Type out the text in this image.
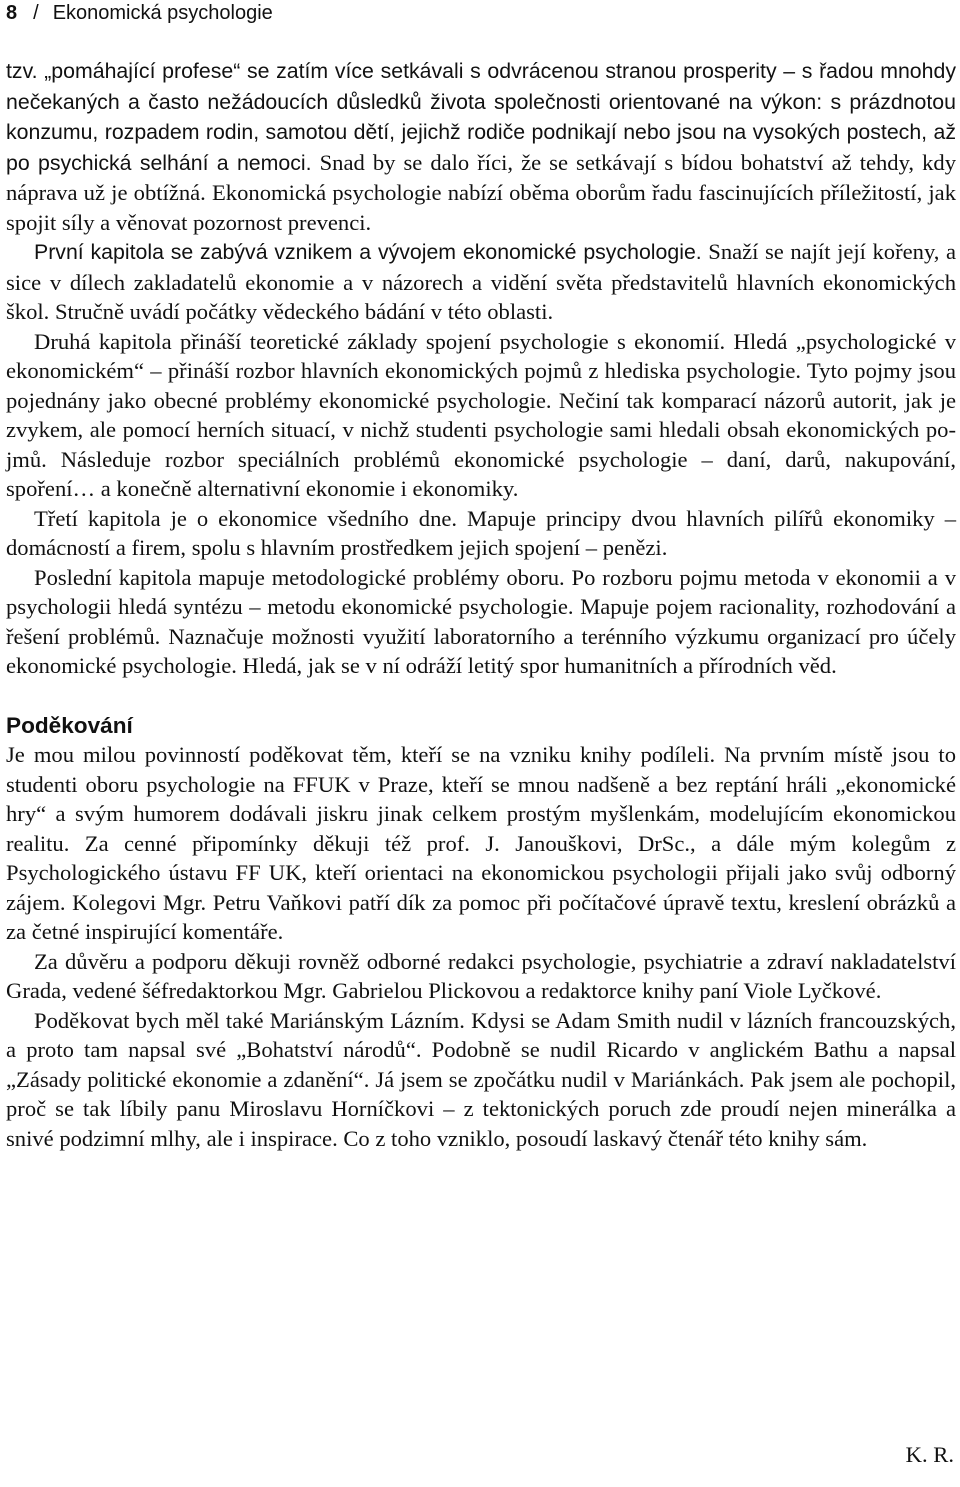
8 / Ekonomická psychologie

tzv. „pomáhající profese“ se zatím více setkávali s odvrácenou stranou prosperity – s řadou mnohdy nečekaných a často nežádoucích důsledků života společnosti orientované na výkon: s prázdnotou konzumu, rozpadem rodin, samotou dětí, jejichž rodiče podnikají nebo jsou na vysokých postech, až po psychická selhání a nemoci. Snad by se dalo říci, že se setkávají s bídou bohatství až tehdy, kdy náprava už je obtížná. Ekonomická psychologie nabízí oběma oborům řadu fascinujících příležitostí, jak spojit síly a věnovat pozornost prevenci.

První kapitola se zabývá vznikem a vývojem ekonomické psychologie. Snaží se najít její kořeny, a sice v dílech zakladatelů ekonomie a v názorech a vidění světa představitelů hlavních ekonomických škol. Stručně uvádí počátky vědeckého bádání v této oblasti.

Druhá kapitola přináší teoretické základy spojení psychologie s ekonomií. Hledá „psychologické v ekonomickém“ – přináší rozbor hlavních ekonomických pojmů z hlediska psychologie. Tyto pojmy jsou pojednány jako obecné problémy ekonomické psychologie. Nečiní tak komparací názorů autorit, jak je zvykem, ale pomocí herních situací, v nichž studenti psychologie sami hledali obsah ekonomických pojmů. Následuje rozbor speciálních problémů ekonomické psychologie – daní, darů, nakupování, spoření… a konečně alternativní ekonomie i ekonomiky.

Třetí kapitola je o ekonomice všedního dne. Mapuje principy dvou hlavních pilířů ekonomiky – domácností a firem, spolu s hlavním prostředkem jejich spojení – penězi.

Poslední kapitola mapuje metodologické problémy oboru. Po rozboru pojmu metoda v ekonomii a v psychologii hledá syntézu – metodu ekonomické psychologie. Mapuje pojem racionality, rozhodování a řešení problémů. Naznačuje možnosti využití laboratorního a terénního výzkumu organizací pro účely ekonomické psychologie. Hledá, jak se v ní odráží letitý spor humanitních a přírodních věd.

Poděkování

Je mou milou povinností poděkovat těm, kteří se na vzniku knihy podíleli. Na prvním místě jsou to studenti oboru psychologie na FFUK v Praze, kteří se mnou nadšeně a bez reptání hráli „ekonomické hry“ a svým humorem dodávali jiskru jinak celkem prostým myšlenkám, modelujícím ekonomickou realitu. Za cenné připomínky děkuji též prof. J. Janouškovi, DrSc., a dále mým kolegům z Psychologického ústavu FF UK, kteří orientaci na ekonomickou psychologii přijali jako svůj odborný zájem. Kolegovi Mgr. Petru Vaňkovi patří dík za pomoc při počítačové úpravě textu, kreslení obrázků a za četné inspirující komentáře.

Za důvěru a podporu děkuji rovněž odborné redakci psychologie, psychiatrie a zdraví nakladatelství Grada, vedené šéfredaktorkou Mgr. Gabrielou Plickovou a redaktorce knihy paní Viole Lyčkové.

Poděkovat bych měl také Mariánským Lázním. Kdysi se Adam Smith nudil v lázních francouzských, a proto tam napsal své „Bohatství národů“. Podobně se nudil Ricardo v anglickém Bathu a napsal „Zásady politické ekonomie a zdanění“. Já jsem se zpočátku nudil v Mariánkách. Pak jsem ale pochopil, proč se tak líbily panu Miroslavu Horníčkovi – z tektonických poruch zde proudí nejen minerálka a snivé podzimní mlhy, ale i inspirace. Co z toho vzniklo, posoudí laskavý čtenář této knihy sám.

K. R.
